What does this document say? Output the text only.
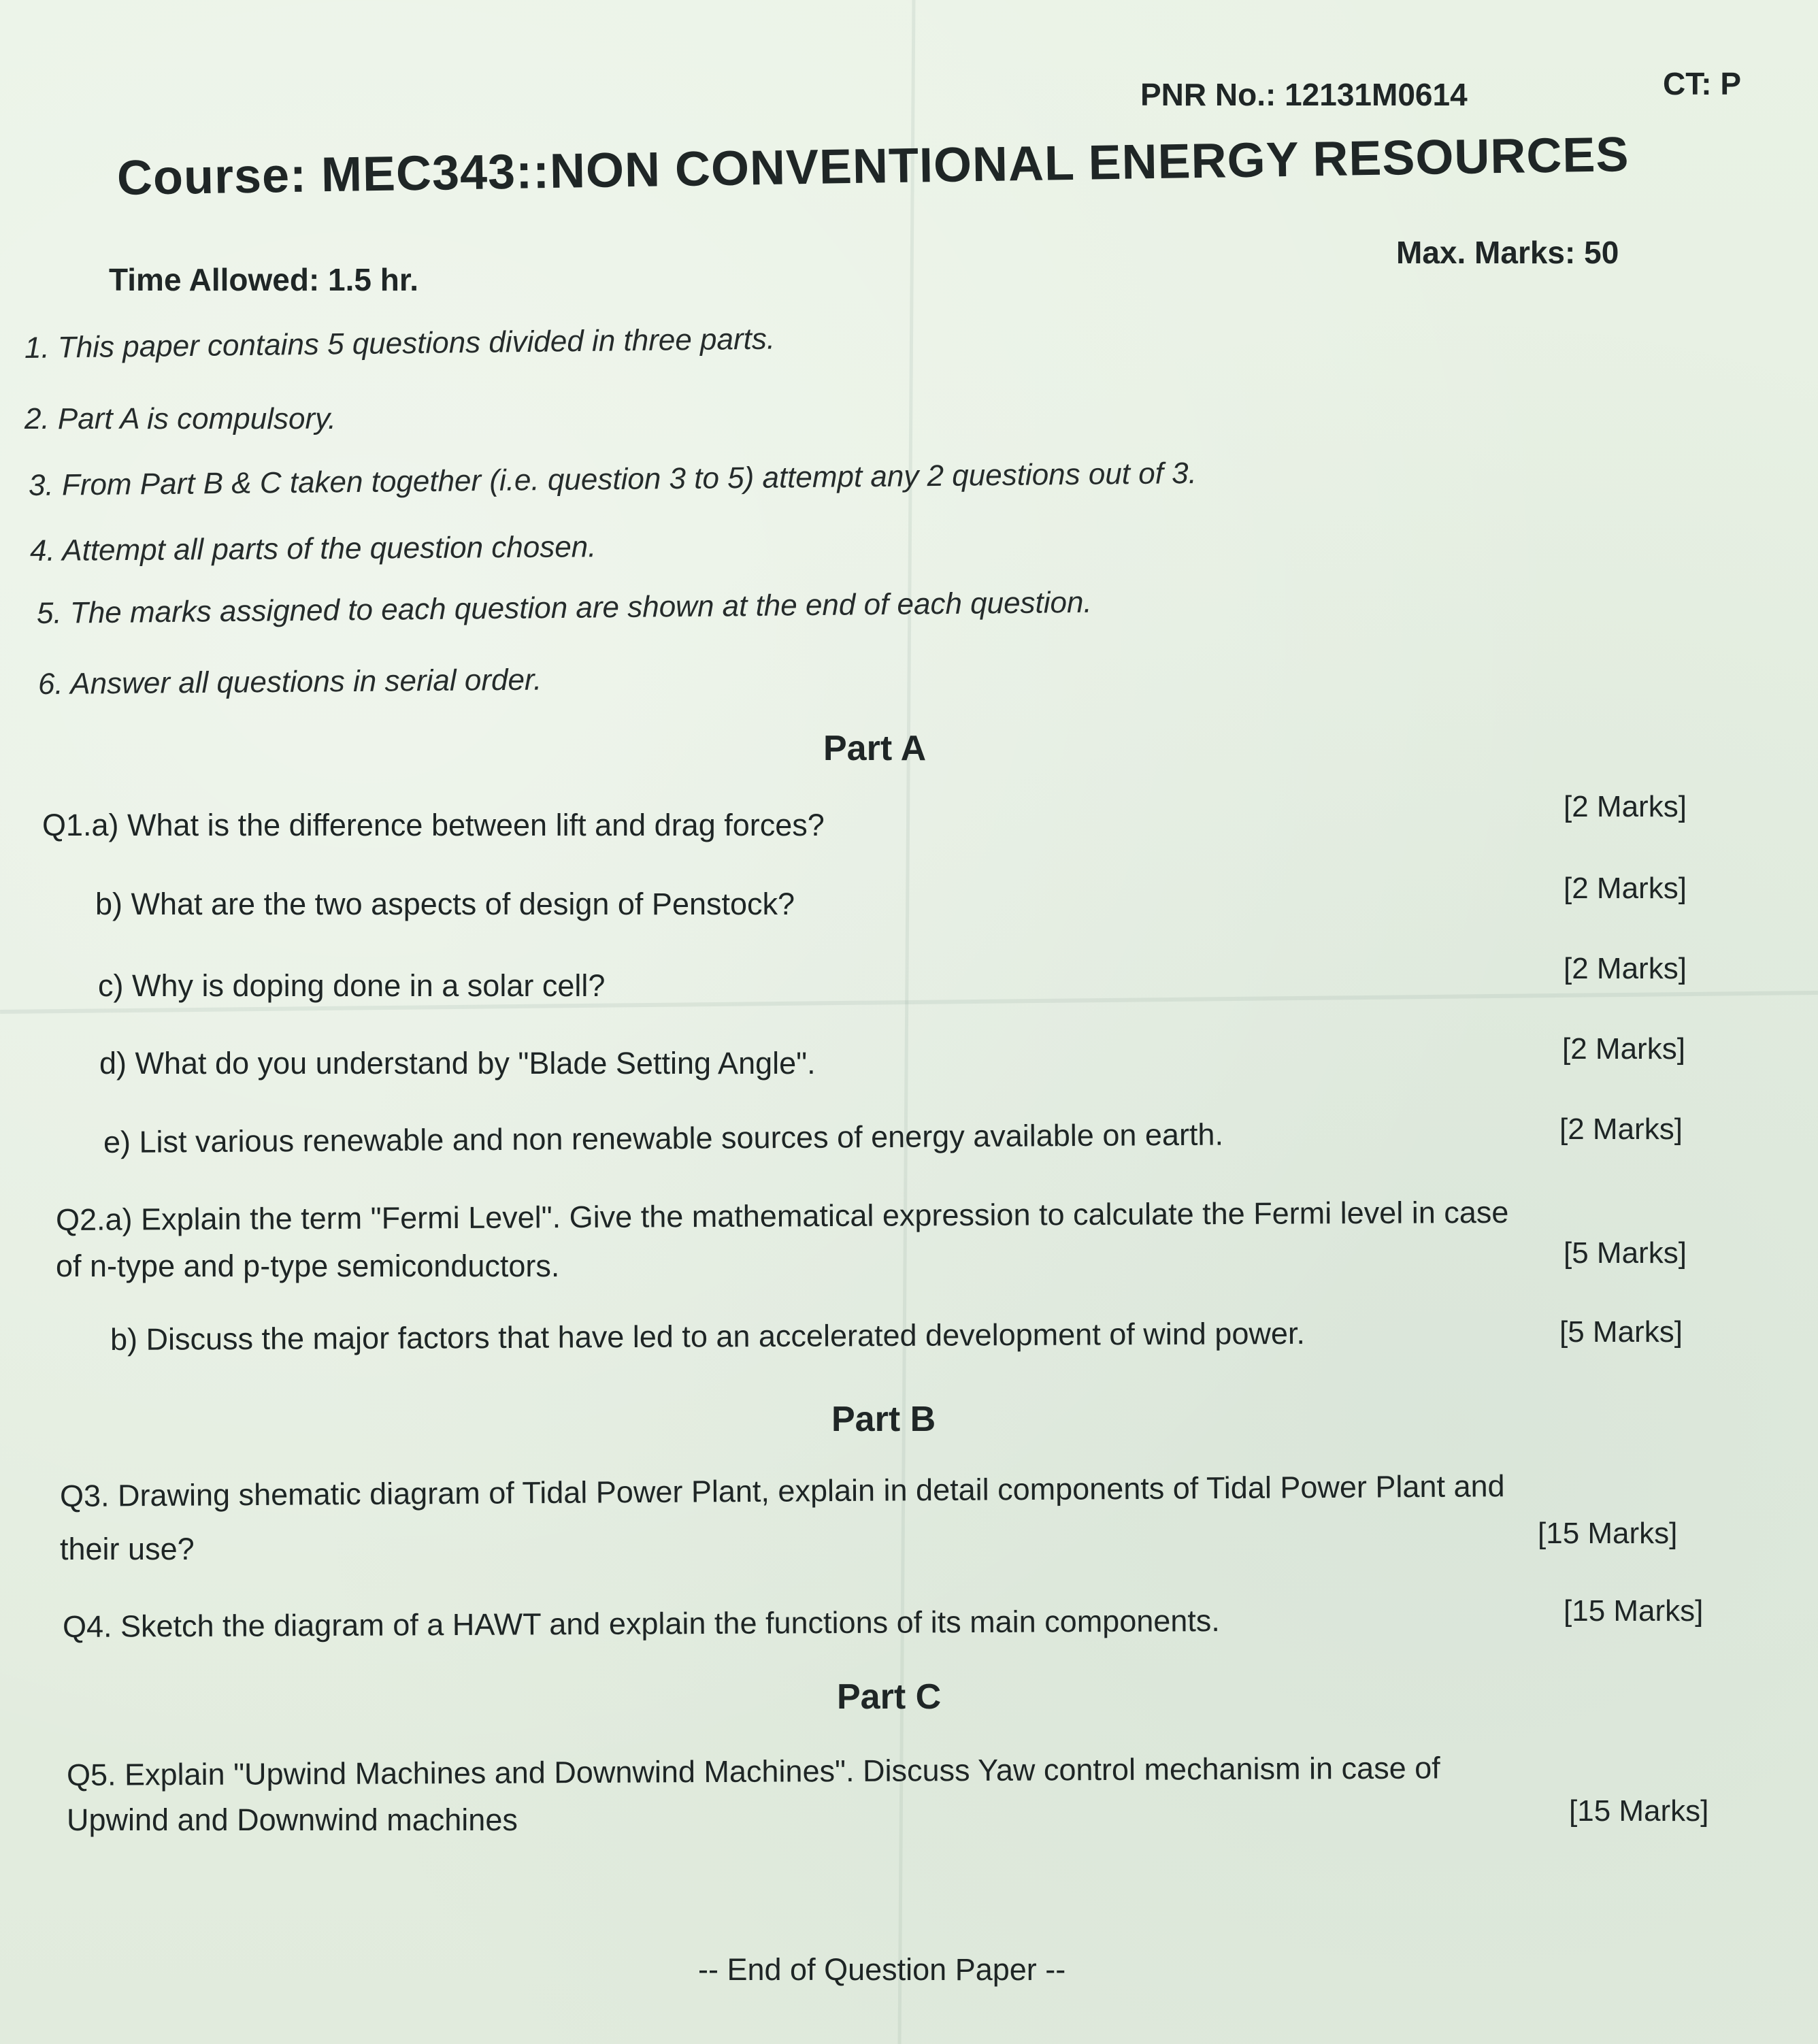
PNR No.: 12131M0614	CT: P
Course: MEC343::NON CONVENTIONAL ENERGY RESOURCES
Time Allowed: 1.5 hr.
Max. Marks: 50
1. This paper contains 5 questions divided in three parts.
2. Part A is compulsory.
3. From Part B & C taken together (i.e. question 3 to 5) attempt any 2 questions out of 3.
4. Attempt all parts of the question chosen.
5. The marks assigned to each question are shown at the end of each question.
6. Answer all questions in serial order.
Part A
Q1.a) What is the difference between lift and drag forces?
[2 Marks]
b) What are the two aspects of design of Penstock?	[2 Marks]
c) Why is doping done in a solar cell?	[2 Marks]
d) What do you understand by "Blade Setting Angle".	[2 Marks]
e) List various renewable and non renewable sources of energy available on earth.	[2 Marks]
Q2.a) Explain the term "Fermi Level". Give the mathematical expression to calculate the Fermi level in case
of n-type and p-type semiconductors.	[5 Marks]
b) Discuss the major factors that have led to an accelerated development of wind power.	[5 Marks]
Part B
Q3. Drawing shematic diagram of Tidal Power Plant, explain in detail components of Tidal Power Plant and
their use?	[15 Marks]
Q4. Sketch the diagram of a HAWT and explain the functions of its main components.	[15 Marks]
Part C
Q5. Explain "Upwind Machines and Downwind Machines". Discuss Yaw control mechanism in case of
Upwind and Downwind machines	[15 Marks]
-- End of Question Paper --
